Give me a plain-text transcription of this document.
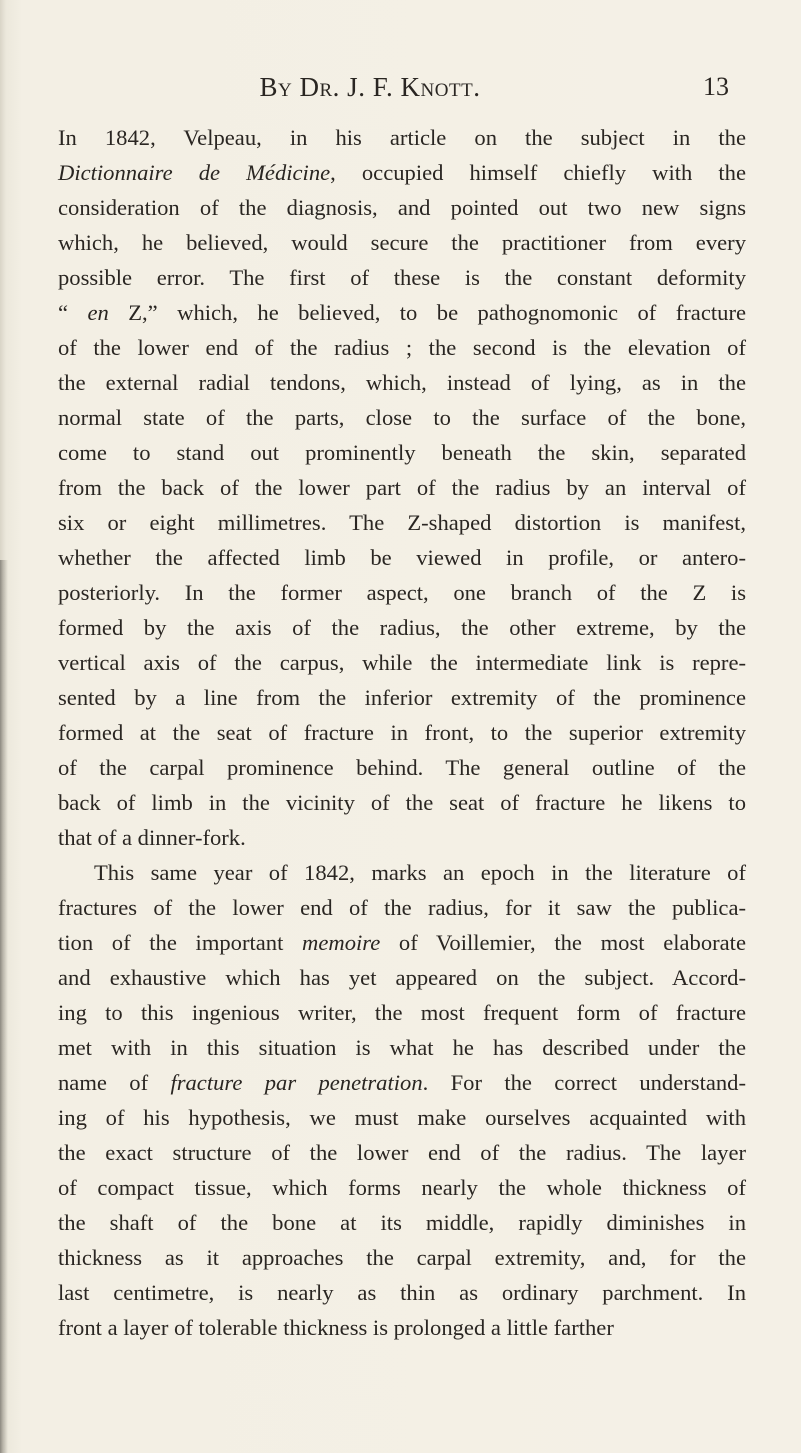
By Dr. J. F. Knott.	13
In 1842, Velpeau, in his article on the subject in the
Dictionnaire de Médicine, occupied himself chiefly with the
consideration of the diagnosis, and pointed out two new signs
which, he believed, would secure the practitioner from every
possible error. The first of these is the constant deformity
“ en Z,” which, he believed, to be pathognomonic of fracture
of the lower end of the radius ; the second is the elevation of
the external radial tendons, which, instead of lying, as in the
normal state of the parts, close to the surface of the bone,
come to stand out prominently beneath the skin, separated
from the back of the lower part of the radius by an interval of
six or eight millimetres. The Z-shaped distortion is manifest,
whether the affected limb be viewed in profile, or antero-
posteriorly. In the former aspect, one branch of the Z is
formed by the axis of the radius, the other extreme, by the
vertical axis of the carpus, while the intermediate link is repre-
sented by a line from the inferior extremity of the prominence
formed at the seat of fracture in front, to the superior extremity
of the carpal prominence behind. The general outline of the
back of limb in the vicinity of the seat of fracture he likens to
that of a dinner-fork.
This same year of 1842, marks an epoch in the literature of
fractures of the lower end of the radius, for it saw the publica-
tion of the important memoire of Voillemier, the most elaborate
and exhaustive which has yet appeared on the subject. Accord-
ing to this ingenious writer, the most frequent form of fracture
met with in this situation is what he has described under the
name of fracture par penetration. For the correct understand-
ing of his hypothesis, we must make ourselves acquainted with
the exact structure of the lower end of the radius. The layer
of compact tissue, which forms nearly the whole thickness of
the shaft of the bone at its middle, rapidly diminishes in
thickness as it approaches the carpal extremity, and, for the
last centimetre, is nearly as thin as ordinary parchment. In
front a layer of tolerable thickness is prolonged a little farther
